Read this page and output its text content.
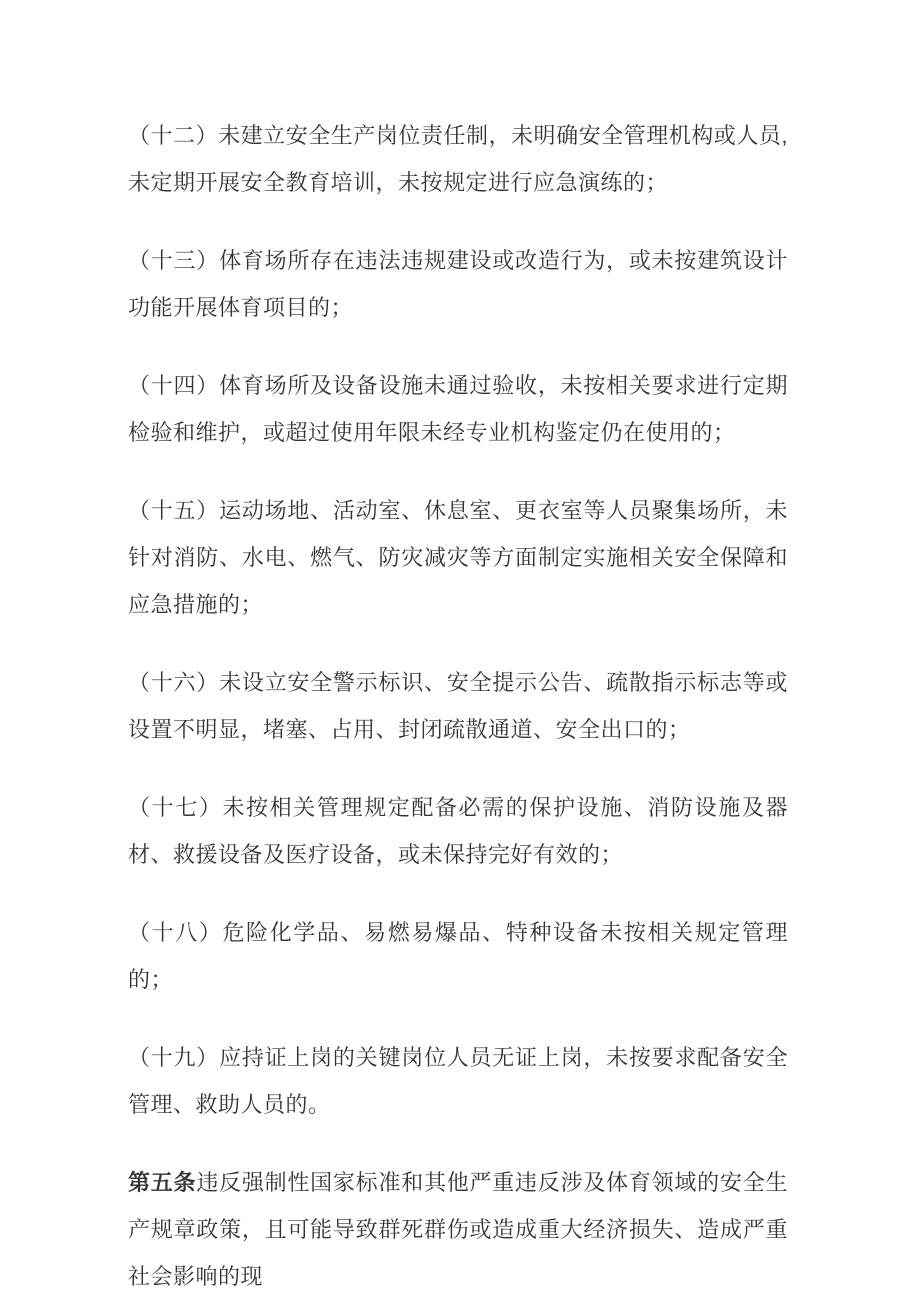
（十二）未建立安全生产岗位责任制，未明确安全管理机构或人员,未定期开展安全教育培训，未按规定进行应急演练的；

（十三）体育场所存在违法违规建设或改造行为，或未按建筑设计功能开展体育项目的；

（十四）体育场所及设备设施未通过验收，未按相关要求进行定期检验和维护，或超过使用年限未经专业机构鉴定仍在使用的；

（十五）运动场地、活动室、休息室、更衣室等人员聚集场所，未针对消防、水电、燃气、防灾减灾等方面制定实施相关安全保障和应急措施的；

（十六）未设立安全警示标识、安全提示公告、疏散指示标志等或设置不明显，堵塞、占用、封闭疏散通道、安全出口的；

（十七）未按相关管理规定配备必需的保护设施、消防设施及器材、救援设备及医疗设备，或未保持完好有效的；

（十八）危险化学品、易燃易爆品、特种设备未按相关规定管理的；

（十九）应持证上岗的关键岗位人员无证上岗，未按要求配备安全管理、救助人员的。

第五条违反强制性国家标准和其他严重违反涉及体育领域的安全生产规章政策，且可能导致群死群伤或造成重大经济损失、造成严重社会影响的现
